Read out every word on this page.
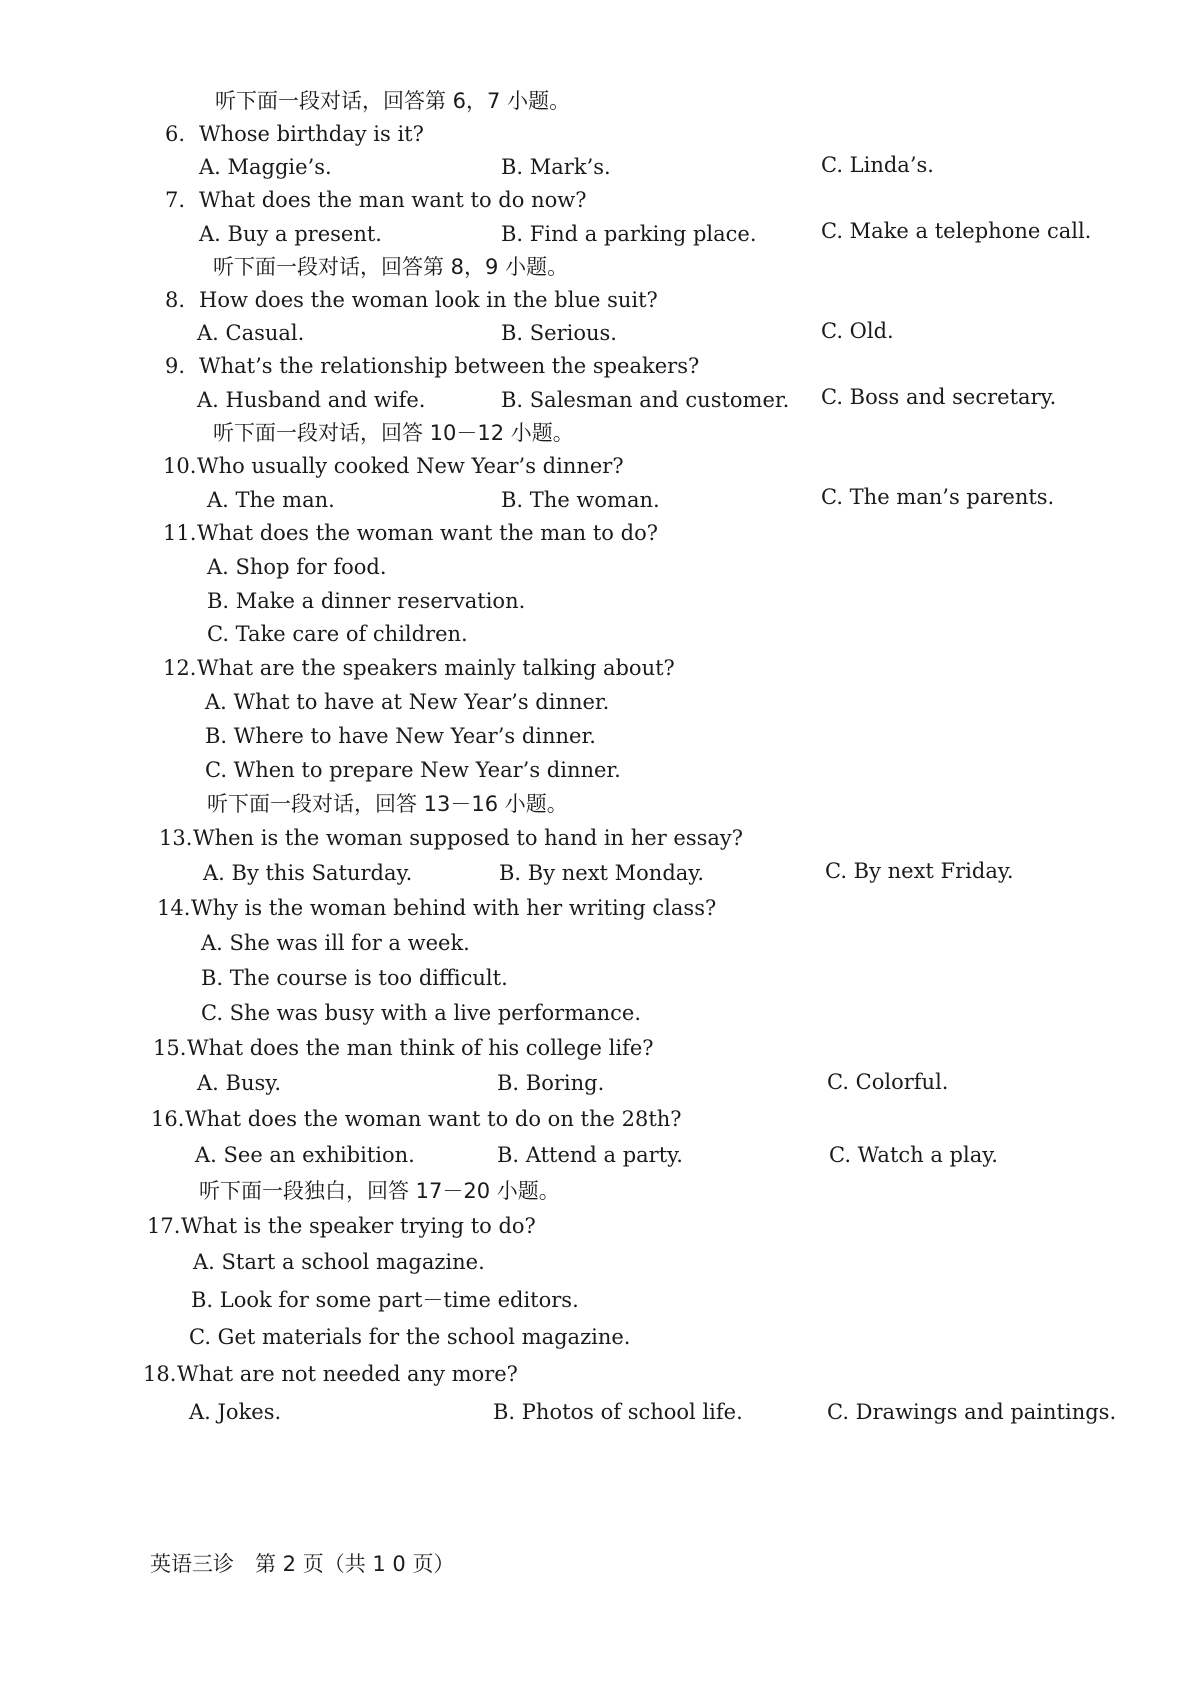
听下面一段对话，回答第 6，7 小题。
6. Whose birthday is it?
A. Maggie’s.	B. Mark’s.	C. Linda’s.
7. What does the man want to do now?
A. Buy a present.	B. Find a parking place.	C. Make a telephone call.
听下面一段对话，回答第 8，9 小题。
8. How does the woman look in the blue suit?
A. Casual.	B. Serious.	C. Old.
9. What’s the relationship between the speakers?
A. Husband and wife.	B. Salesman and customer. C. Boss and secretary.
听下面一段对话，回答 10－12 小题。
10.Who usually cooked New Year’s dinner?
A. The man.	B. The woman.	C. The man’s parents.
11.What does the woman want the man to do?
A. Shop for food.
B. Make a dinner reservation.
C. Take care of children.
12.What are the speakers mainly talking about?
A. What to have at New Year’s dinner.
B. Where to have New Year’s dinner.
C. When to prepare New Year’s dinner.
听下面一段对话，回答 13－16 小题。
13.When is the woman supposed to hand in her essay?
A. By this Saturday.	B. By next Monday.	C. By next Friday.
14.Why is the woman behind with her writing class?
A. She was ill for a week.
B. The course is too difficult.
C. She was busy with a live performance.
15.What does the man think of his college life?
A. Busy.	B. Boring.	C. Colorful.
16.What does the woman want to do on the 28th?
A. See an exhibition.	B. Attend a party.	C. Watch a play.
听下面一段独白，回答 17－20 小题。
17.What is the speaker trying to do?
A. Start a school magazine.
B. Look for some part－time editors.
C. Get materials for the school magazine.
18.What are not needed any more?
A. Jokes.	B. Photos of school life.	C. Drawings and paintings.
英语三诊　第 2 页（共 1 0 页）
